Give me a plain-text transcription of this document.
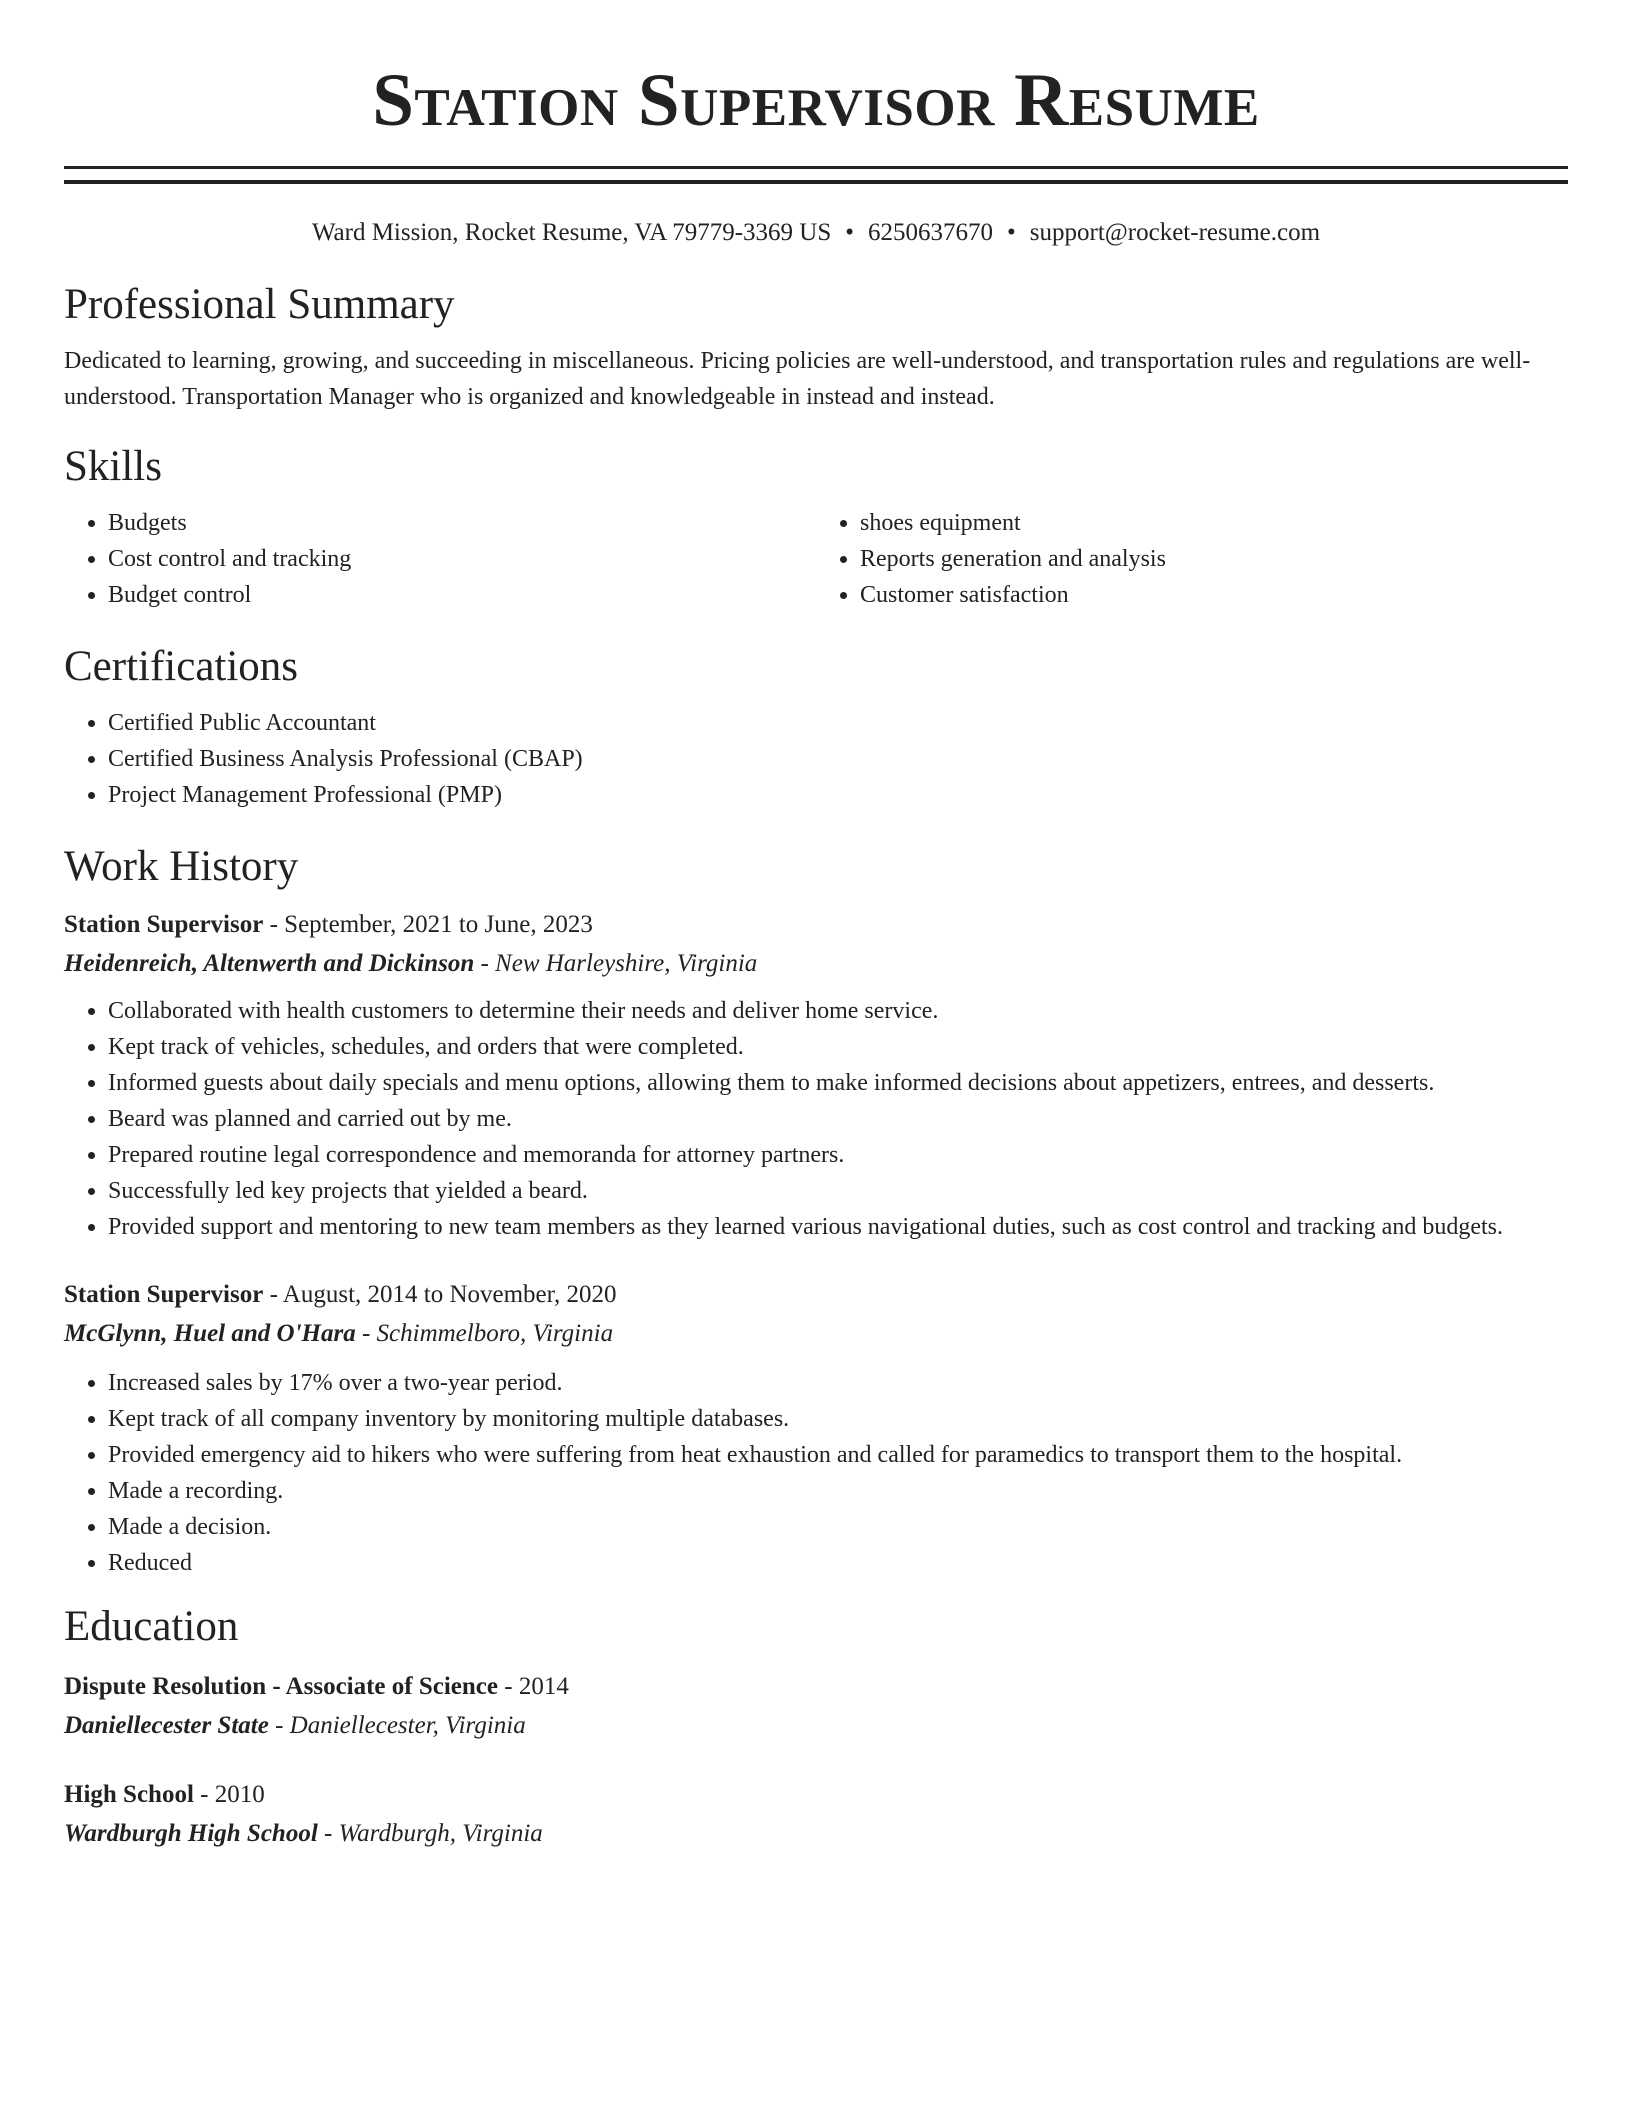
Station Supervisor Resume
Ward Mission, Rocket Resume, VA 79779-3369 US • 6250637670 • support@rocket-resume.com
Professional Summary

Dedicated to learning, growing, and succeeding in miscellaneous. Pricing policies are well-understood, and transportation rules and regulations are well-understood. Transportation Manager who is organized and knowledgeable in instead and instead.

Skills
• Budgets
• Cost control and tracking
• Budget control
• shoes equipment
• Reports generation and analysis
• Customer satisfaction
Certifications
• Certified Public Accountant
• Certified Business Analysis Professional (CBAP)
• Project Management Professional (PMP)
Work History
Station Supervisor - September, 2021 to June, 2023
Heidenreich, Altenwerth and Dickinson - New Harleyshire, Virginia
• Collaborated with health customers to determine their needs and deliver home service.
• Kept track of vehicles, schedules, and orders that were completed.
• Informed guests about daily specials and menu options, allowing them to make informed decisions about appetizers, entrees, and desserts.
• Beard was planned and carried out by me.
• Prepared routine legal correspondence and memoranda for attorney partners.
• Successfully led key projects that yielded a beard.
• Provided support and mentoring to new team members as they learned various navigational duties, such as cost control and tracking and budgets.
Station Supervisor - August, 2014 to November, 2020
McGlynn, Huel and O'Hara - Schimmelboro, Virginia
• Increased sales by 17% over a two-year period.
• Kept track of all company inventory by monitoring multiple databases.
• Provided emergency aid to hikers who were suffering from heat exhaustion and called for paramedics to transport them to the hospital.
• Made a recording.
• Made a decision.
• Reduced
Education
Dispute Resolution - Associate of Science - 2014
Daniellecester State - Daniellecester, Virginia
High School - 2010
Wardburgh High School - Wardburgh, Virginia
